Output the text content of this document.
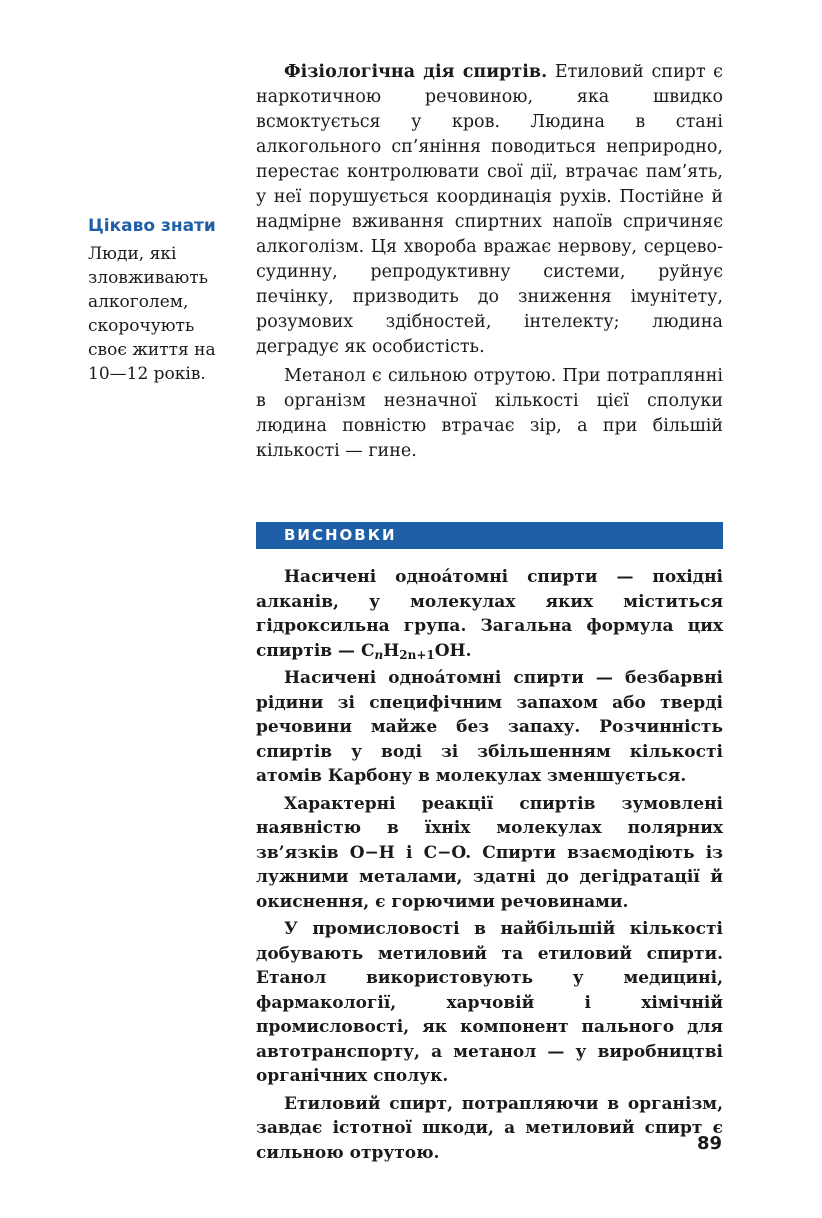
Цікаво знати

Люди, які зловживають алкоголем, скорочують своє життя на 10—12 років.

Фізіологічна дія спиртів. Етиловий спирт є наркотичною речовиною, яка швидко всмоктується у кров. Людина в стані алкогольного сп’яніння поводиться неприродно, перестає контролювати свої дії, втрачає пам’ять, у неї порушується координація рухів. Постійне й надмірне вживання спиртних напоїв спричиняє алкоголізм. Ця хвороба вражає нервову, серцево-судинну, репродуктивну системи, руйнує печінку, призводить до зниження імунітету, розумових здібностей, інтелекту; людина деградує як особистість.

Метанол є сильною отрутою. При потраплянні в організм незначної кількості цієї сполуки людина повністю втрачає зір, а при більшій кількості — гине.

ВИСНОВКИ

Насичені одноáтомні спирти — похідні алканів, у молекулах яких міститься гідроксильна група. Загальна формула цих спиртів — $C_nH_{2n+1}OH$.

Насичені одноáтомні спирти — безбарвні рідини зі специфічним запахом або тверді речовини майже без запаху. Розчинність спиртів у воді зі збільшенням кількості атомів Карбону в молекулах зменшується.

Характерні реакції спиртів зумовлені наявністю в їхніх молекулах полярних зв’язків O−H і C−O. Спирти взаємодіють із лужними металами, здатні до дегідратації й окиснення, є горючими речовинами.

У промисловості в найбільшій кількості добувають метиловий та етиловий спирти. Етанол використовують у медицині, фармакології, харчовій і хімічній промисловості, як компонент пального для автотранспорту, а метанол — у виробництві органічних сполук.

Етиловий спирт, потрапляючи в організм, завдає істотної шкоди, а метиловий спирт є сильною отрутою.	89
